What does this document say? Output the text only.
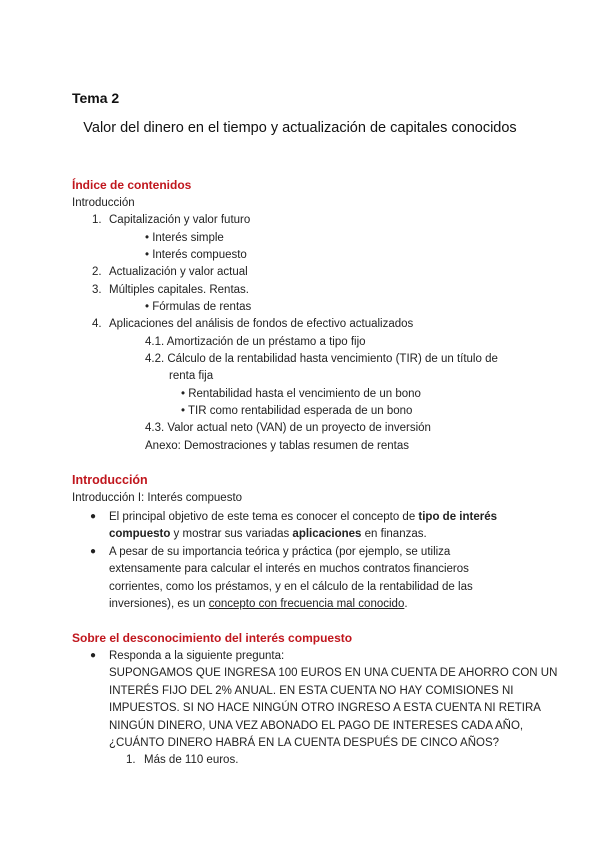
Tema 2
Valor del dinero en el tiempo y actualización de capitales conocidos
Índice de contenidos
Introducción
1. Capitalización y valor futuro
• Interés simple
• Interés compuesto
2. Actualización y valor actual
3. Múltiples capitales. Rentas.
• Fórmulas de rentas
4. Aplicaciones del análisis de fondos de efectivo actualizados
4.1. Amortización de un préstamo a tipo fijo
4.2. Cálculo de la rentabilidad hasta vencimiento (TIR) de un título de
renta fija
• Rentabilidad hasta el vencimiento de un bono
• TIR como rentabilidad esperada de un bono
4.3. Valor actual neto (VAN) de un proyecto de inversión
Anexo: Demostraciones y tablas resumen de rentas
Introducción
Introducción I: Interés compuesto
● El principal objetivo de este tema es conocer el concepto de tipo de interés
compuesto y mostrar sus variadas aplicaciones en finanzas.
● A pesar de su importancia teórica y práctica (por ejemplo, se utiliza
extensamente para calcular el interés en muchos contratos financieros
corrientes, como los préstamos, y en el cálculo de la rentabilidad de las
inversiones), es un concepto con frecuencia mal conocido.
Sobre el desconocimiento del interés compuesto
● Responda a la siguiente pregunta:
SUPONGAMOS QUE INGRESA 100 EUROS EN UNA CUENTA DE AHORRO CON UN
INTERÉS FIJO DEL 2% ANUAL. EN ESTA CUENTA NO HAY COMISIONES NI
IMPUESTOS. SI NO HACE NINGÚN OTRO INGRESO A ESTA CUENTA NI RETIRA
NINGÚN DINERO, UNA VEZ ABONADO EL PAGO DE INTERESES CADA AÑO,
¿CUÁNTO DINERO HABRÁ EN LA CUENTA DESPUÉS DE CINCO AÑOS?
1. Más de 110 euros.
